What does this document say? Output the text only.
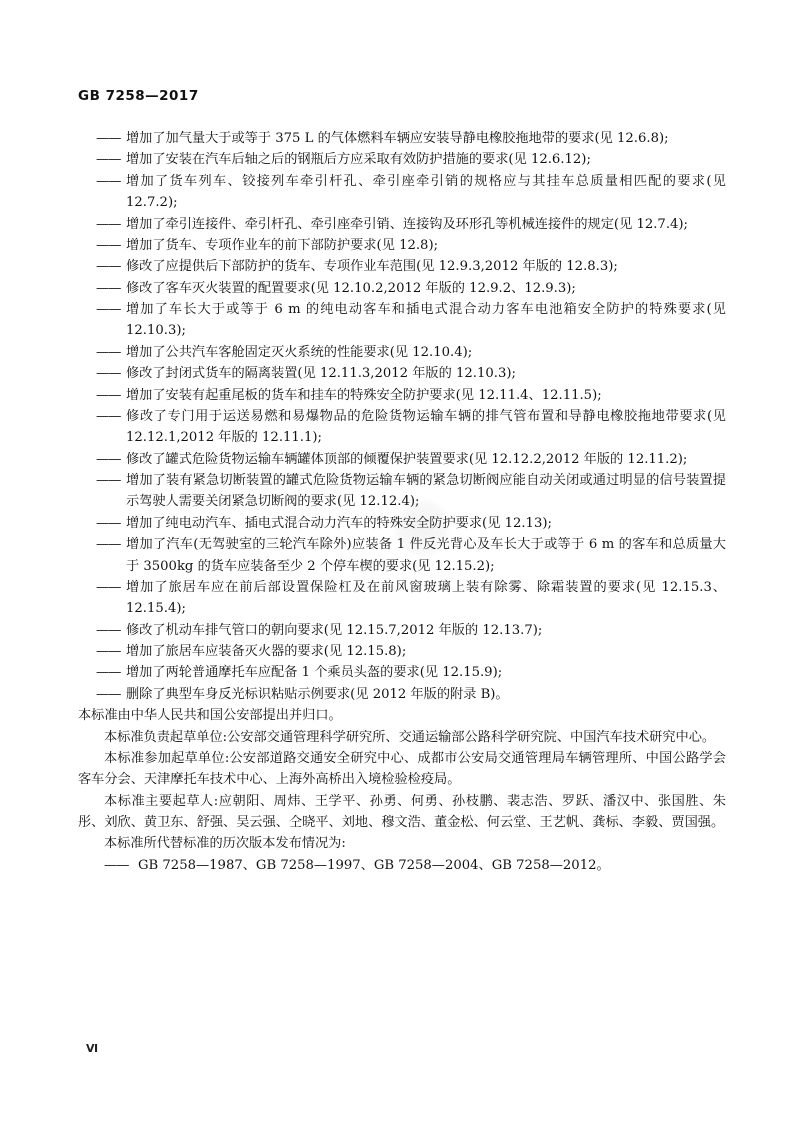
GB 7258—2017
—— 增加了加气量大于或等于 375 L 的气体燃料车辆应安装导静电橡胶拖地带的要求(见 12.6.8);
—— 增加了安装在汽车后轴之后的钢瓶后方应采取有效防护措施的要求(见 12.6.12);
—— 增加了货车列车、铰接列车牵引杆孔、牵引座牵引销的规格应与其挂车总质量相匹配的要求(见 12.7.2);
—— 增加了牵引连接件、牵引杆孔、牵引座牵引销、连接钩及环形孔等机械连接件的规定(见 12.7.4);
—— 增加了货车、专项作业车的前下部防护要求(见 12.8);
—— 修改了应提供后下部防护的货车、专项作业车范围(见 12.9.3,2012 年版的 12.8.3);
—— 修改了客车灭火装置的配置要求(见 12.10.2,2012 年版的 12.9.2、12.9.3);
—— 增加了车长大于或等于 6 m 的纯电动客车和插电式混合动力客车电池箱安全防护的特殊要求(见 12.10.3);
—— 增加了公共汽车客舱固定灭火系统的性能要求(见 12.10.4);
—— 修改了封闭式货车的隔离装置(见 12.11.3,2012 年版的 12.10.3);
—— 增加了安装有起重尾板的货车和挂车的特殊安全防护要求(见 12.11.4、12.11.5);
—— 修改了专门用于运送易燃和易爆物品的危险货物运输车辆的排气管布置和导静电橡胶拖地带要求(见 12.12.1,2012 年版的 12.11.1);
—— 修改了罐式危险货物运输车辆罐体顶部的倾覆保护装置要求(见 12.12.2,2012 年版的 12.11.2);
—— 增加了装有紧急切断装置的罐式危险货物运输车辆的紧急切断阀应能自动关闭或通过明显的信号装置提示驾驶人需要关闭紧急切断阀的要求(见 12.12.4);
—— 增加了纯电动汽车、插电式混合动力汽车的特殊安全防护要求(见 12.13);
—— 增加了汽车(无驾驶室的三轮汽车除外)应装备 1 件反光背心及车长大于或等于 6 m 的客车和总质量大于 3500kg 的货车应装备至少 2 个停车楔的要求(见 12.15.2);
—— 增加了旅居车应在前后部设置保险杠及在前风窗玻璃上装有除雾、除霜装置的要求(见 12.15.3、12.15.4);
—— 修改了机动车排气管口的朝向要求(见 12.15.7,2012 年版的 12.13.7);
—— 增加了旅居车应装备灭火器的要求(见 12.15.8);
—— 增加了两轮普通摩托车应配备 1 个乘员头盔的要求(见 12.15.9);
—— 删除了典型车身反光标识粘贴示例要求(见 2012 年版的附录 B)。

本标准由中华人民共和国公安部提出并归口。

本标准负责起草单位:公安部交通管理科学研究所、交通运输部公路科学研究院、中国汽车技术研究中心。

本标准参加起草单位:公安部道路交通安全研究中心、成都市公安局交通管理局车辆管理所、中国公路学会客车分会、天津摩托车技术中心、上海外高桥出入境检验检疫局。

本标准主要起草人:应朝阳、周炜、王学平、孙勇、何勇、孙枝鹏、裴志浩、罗跃、潘汉中、张国胜、朱彤、刘欣、黄卫东、舒强、吴云强、仝晓平、刘地、穆文浩、董金松、何云堂、王艺帆、龚标、李毅、贾国强。

本标准所代替标准的历次版本发布情况为:

—— GB 7258—1987、GB 7258—1997、GB 7258—2004、GB 7258—2012。
Ⅵ
